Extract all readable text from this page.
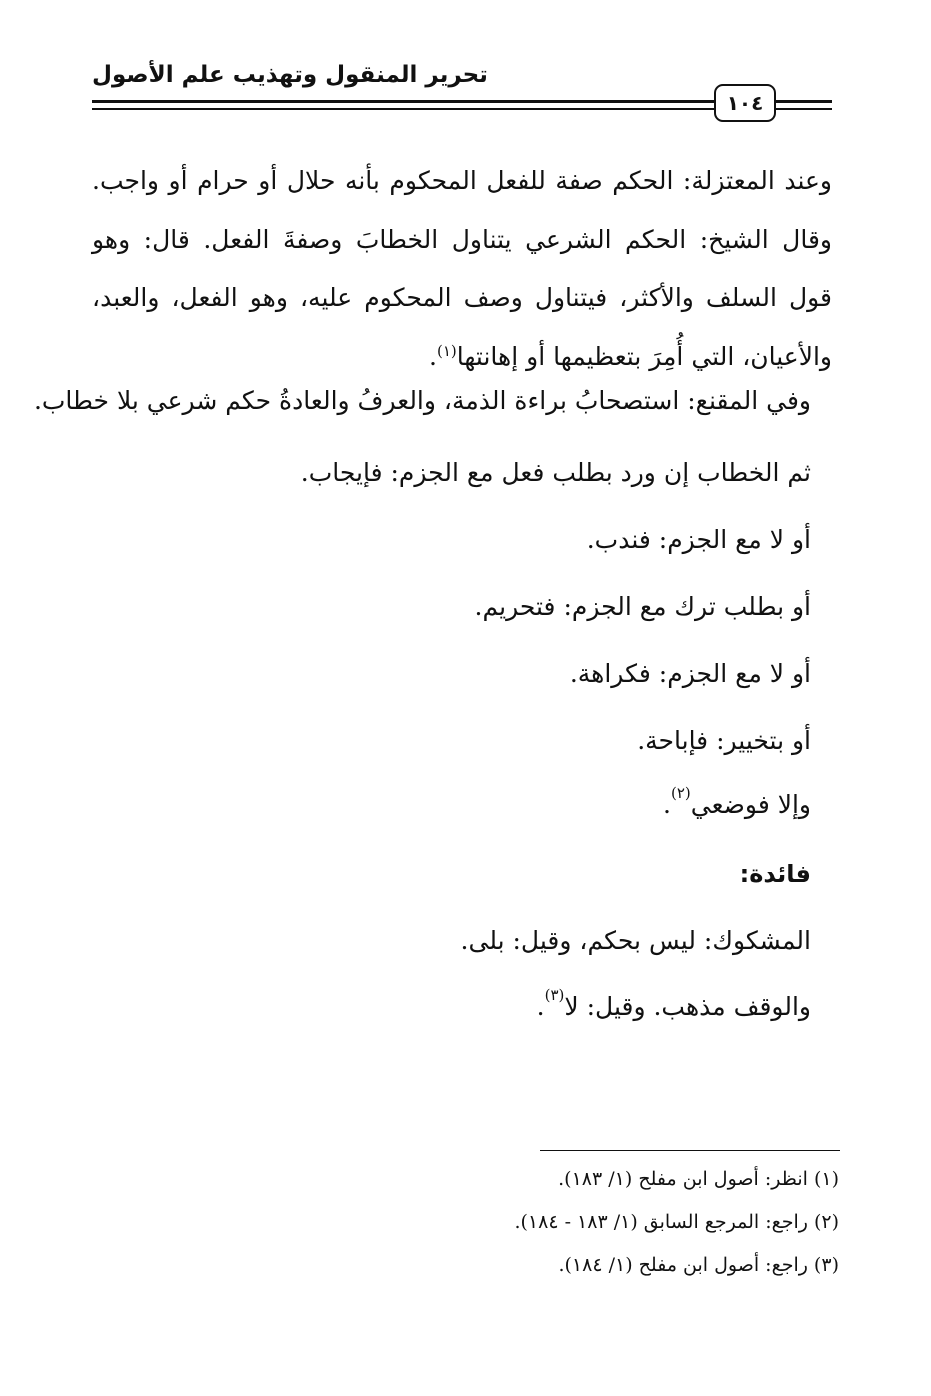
تحرير المنقول وتهذيب علم الأصول
١٠٤
وعند المعتزلة: الحكم صفة للفعل المحكوم بأنه حلال أو حرام أو واجب. وقال الشيخ: الحكم الشرعي يتناول الخطابَ وصفةَ الفعل. قال: وهو قول السلف والأكثر، فيتناول وصف المحكوم عليه، وهو الفعل، والعبد، والأعيان، التي أُمِرَ بتعظيمها أو إهانتها$^{(١)}$.
وفي المقنع: استصحابُ براءة الذمة، والعرفُ والعادةُ حكم شرعي بلا خطاب.
ثم الخطاب إن ورد بطلب فعل مع الجزم: فإيجاب.
أو لا مع الجزم: فندب.
أو بطلب ترك مع الجزم: فتحريم.
أو لا مع الجزم: فكراهة.
أو بتخيير: فإباحة.
وإلا فوضعي$^{(٢)}$.
فائدة:
المشكوك: ليس بحكم، وقيل: بلى.
والوقف مذهب. وقيل: لا$^{(٣)}$.
(١) انظر: أصول ابن مفلح (١/ ١٨٣).
(٢) راجع: المرجع السابق (١/ ١٨٣ - ١٨٤).
(٣) راجع: أصول ابن مفلح (١/ ١٨٤).
